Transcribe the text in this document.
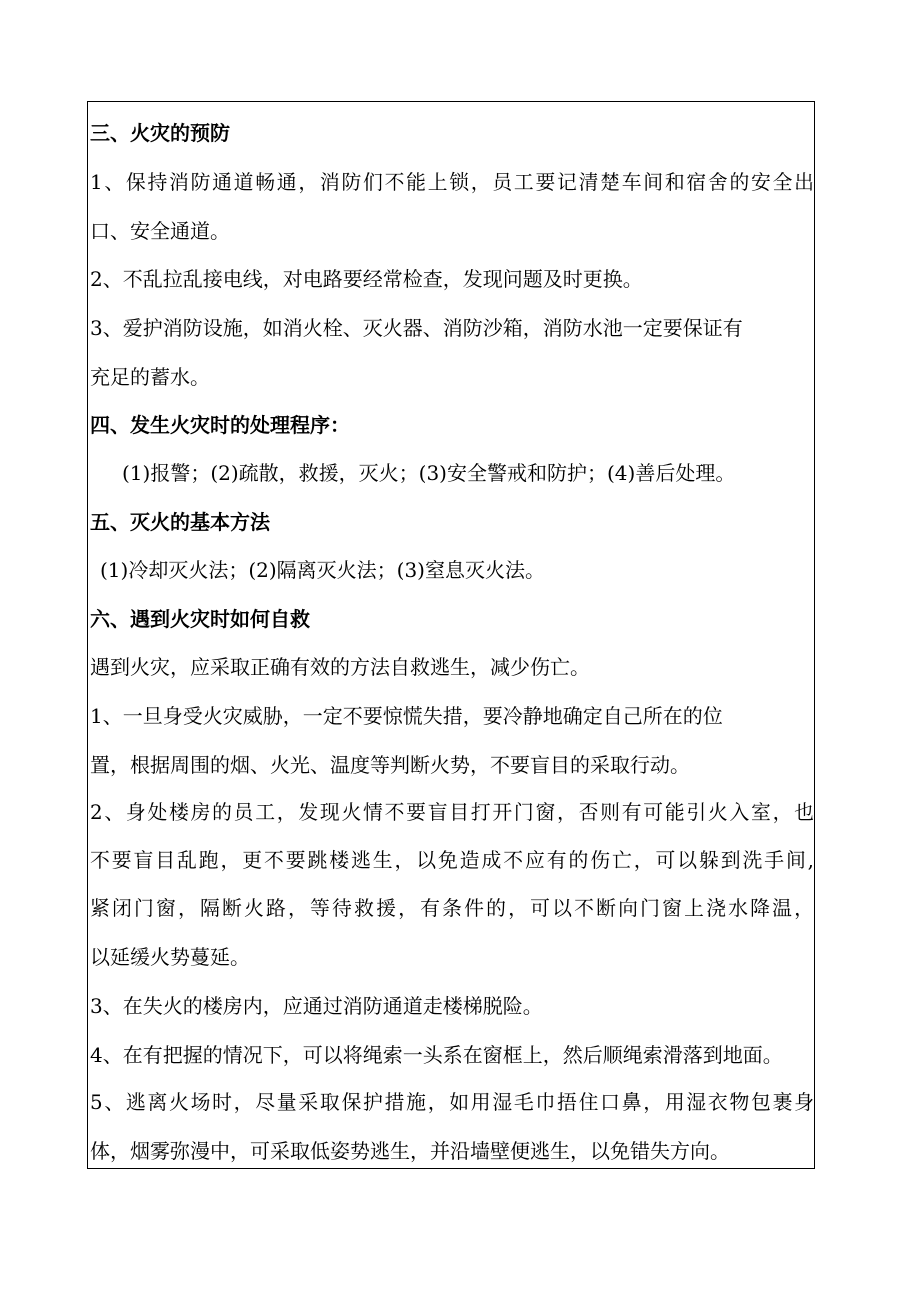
三、火灾的预防
1、保持消防通道畅通，消防们不能上锁，员工要记清楚车间和宿舍的安全出
口、安全通道。
2、不乱拉乱接电线，对电路要经常检查，发现问题及时更换。
3、爱护消防设施，如消火栓、灭火器、消防沙箱，消防水池一定要保证有
充足的蓄水。
四、发生火灾时的处理程序：
(1)报警；(2)疏散，救援，灭火；(3)安全警戒和防护；(4)善后处理。
五、灭火的基本方法
(1)冷却灭火法；(2)隔离灭火法；(3)窒息灭火法。
六、遇到火灾时如何自救
遇到火灾，应采取正确有效的方法自救逃生，减少伤亡。
1、一旦身受火灾威胁，一定不要惊慌失措，要冷静地确定自己所在的位
置，根据周围的烟、火光、温度等判断火势，不要盲目的采取行动。
2、身处楼房的员工，发现火情不要盲目打开门窗，否则有可能引火入室，也
不要盲目乱跑，更不要跳楼逃生，以免造成不应有的伤亡，可以躲到洗手间,
紧闭门窗，隔断火路，等待救援，有条件的，可以不断向门窗上浇水降温，
以延缓火势蔓延。
3、在失火的楼房内，应通过消防通道走楼梯脱险。
4、在有把握的情况下，可以将绳索一头系在窗框上，然后顺绳索滑落到地面。
5、逃离火场时，尽量采取保护措施，如用湿毛巾捂住口鼻，用湿衣物包裹身
体，烟雾弥漫中，可采取低姿势逃生，并沿墙壁便逃生，以免错失方向。
